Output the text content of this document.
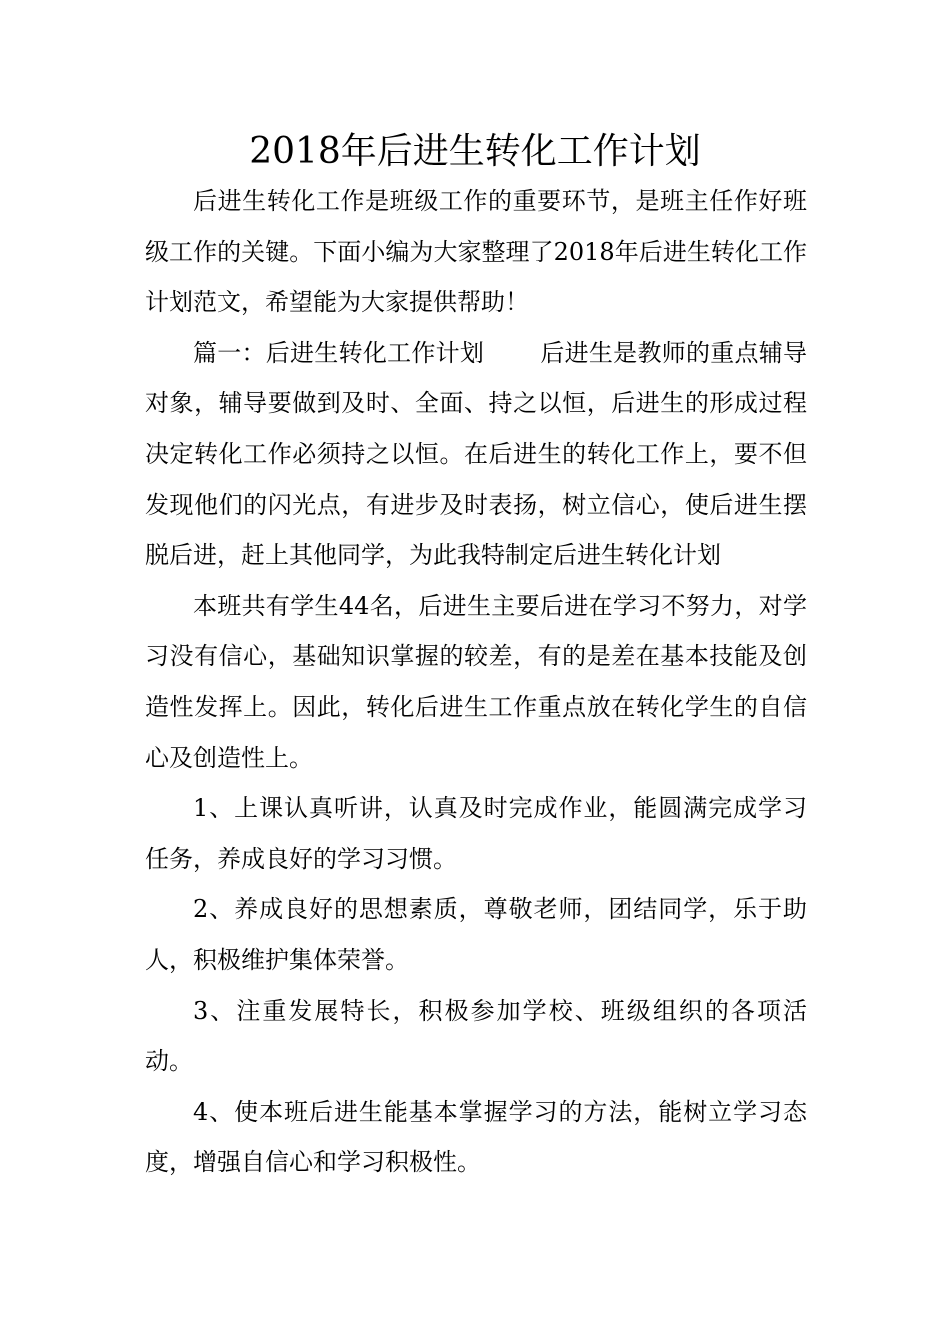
2018年后进生转化工作计划

后进生转化工作是班级工作的重要环节，是班主任作好班级工作的关键。下面小编为大家整理了2018年后进生转化工作计划范文，希望能为大家提供帮助！

篇一：后进生转化工作计划 后进生是教师的重点辅导对象，辅导要做到及时、全面、持之以恒，后进生的形成过程决定转化工作必须持之以恒。在后进生的转化工作上，要不但发现他们的闪光点，有进步及时表扬，树立信心，使后进生摆脱后进，赶上其他同学，为此我特制定后进生转化计划

本班共有学生44名，后进生主要后进在学习不努力，对学习没有信心，基础知识掌握的较差，有的是差在基本技能及创造性发挥上。因此，转化后进生工作重点放在转化学生的自信心及创造性上。

1、上课认真听讲，认真及时完成作业，能圆满完成学习任务，养成良好的学习习惯。

2、养成良好的思想素质，尊敬老师，团结同学，乐于助人，积极维护集体荣誉。

3、注重发展特长，积极参加学校、班级组织的各项活动。

4、使本班后进生能基本掌握学习的方法，能树立学习态度，增强自信心和学习积极性。
